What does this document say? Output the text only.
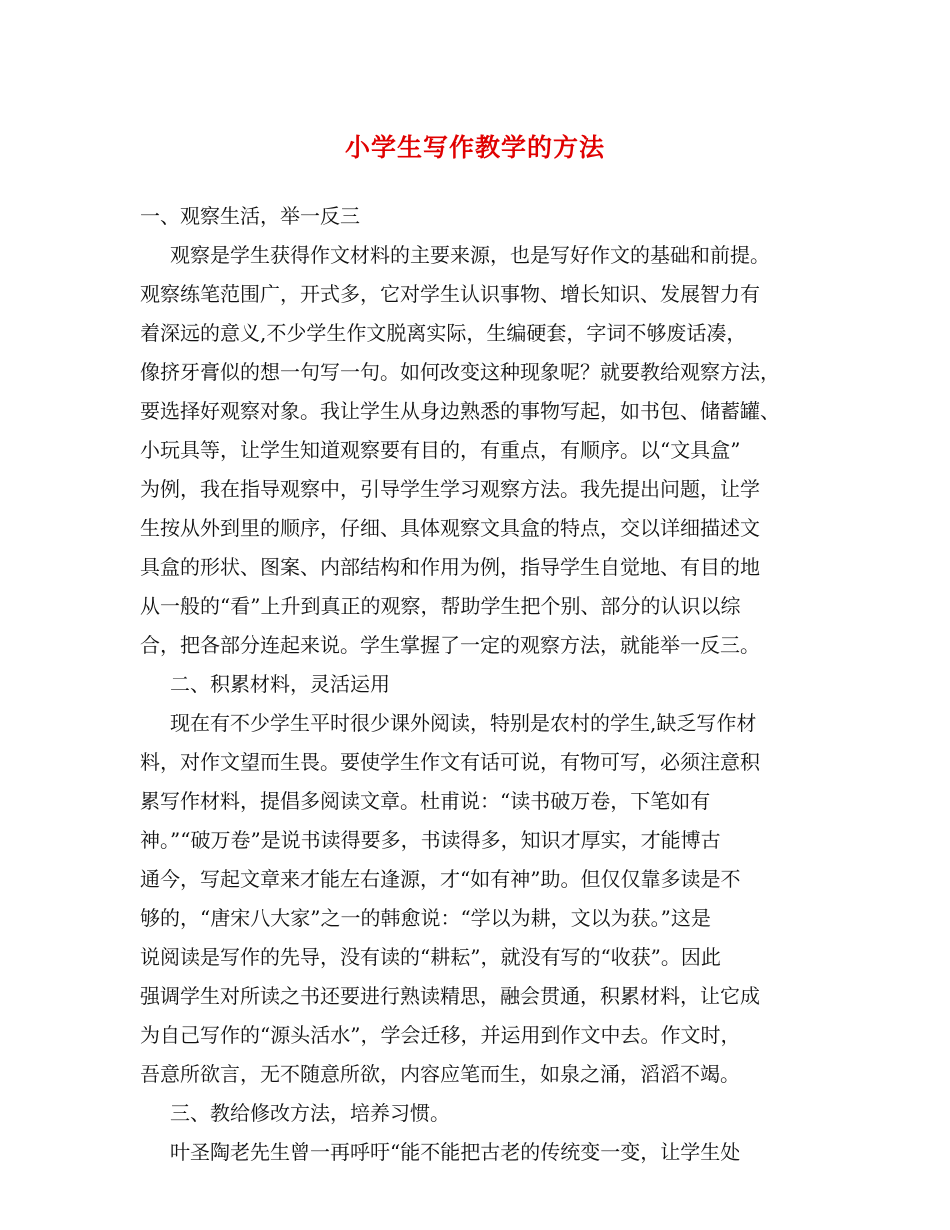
小学生写作教学的方法
一、观察生活，举一反三
观察是学生获得作文材料的主要来源，也是写好作文的基础和前提。
观察练笔范围广，开式多，它对学生认识事物、增长知识、发展智力有
着深远的意义,不少学生作文脱离实际，生编硬套，字词不够废话凑，
像挤牙膏似的想一句写一句。如何改变这种现象呢？就要教给观察方法，
要选择好观察对象。我让学生从身边熟悉的事物写起，如书包、储蓄罐、
小玩具等，让学生知道观察要有目的，有重点，有顺序。以“文具盒”
为例，我在指导观察中，引导学生学习观察方法。我先提出问题，让学
生按从外到里的顺序，仔细、具体观察文具盒的特点，交以详细描述文
具盒的形状、图案、内部结构和作用为例，指导学生自觉地、有目的地
从一般的“看”上升到真正的观察，帮助学生把个别、部分的认识以综
合，把各部分连起来说。学生掌握了一定的观察方法，就能举一反三。
二、积累材料，灵活运用
现在有不少学生平时很少课外阅读，特别是农村的学生,缺乏写作材
料，对作文望而生畏。要使学生作文有话可说，有物可写，必须注意积
累写作材料，提倡多阅读文章。杜甫说：“读书破万卷，下笔如有
神。”“破万卷”是说书读得要多，书读得多，知识才厚实，才能博古
通今，写起文章来才能左右逢源，才“如有神”助。但仅仅靠多读是不
够的，“唐宋八大家”之一的韩愈说：“学以为耕，文以为获。”这是
说阅读是写作的先导，没有读的“耕耘”，就没有写的“收获”。因此
强调学生对所读之书还要进行熟读精思，融会贯通，积累材料，让它成
为自己写作的“源头活水”，学会迁移，并运用到作文中去。作文时，
吾意所欲言，无不随意所欲，内容应笔而生，如泉之涌，滔滔不竭。
三、教给修改方法，培养习惯。
叶圣陶老先生曾一再呼吁“能不能把古老的传统变一变，让学生处
